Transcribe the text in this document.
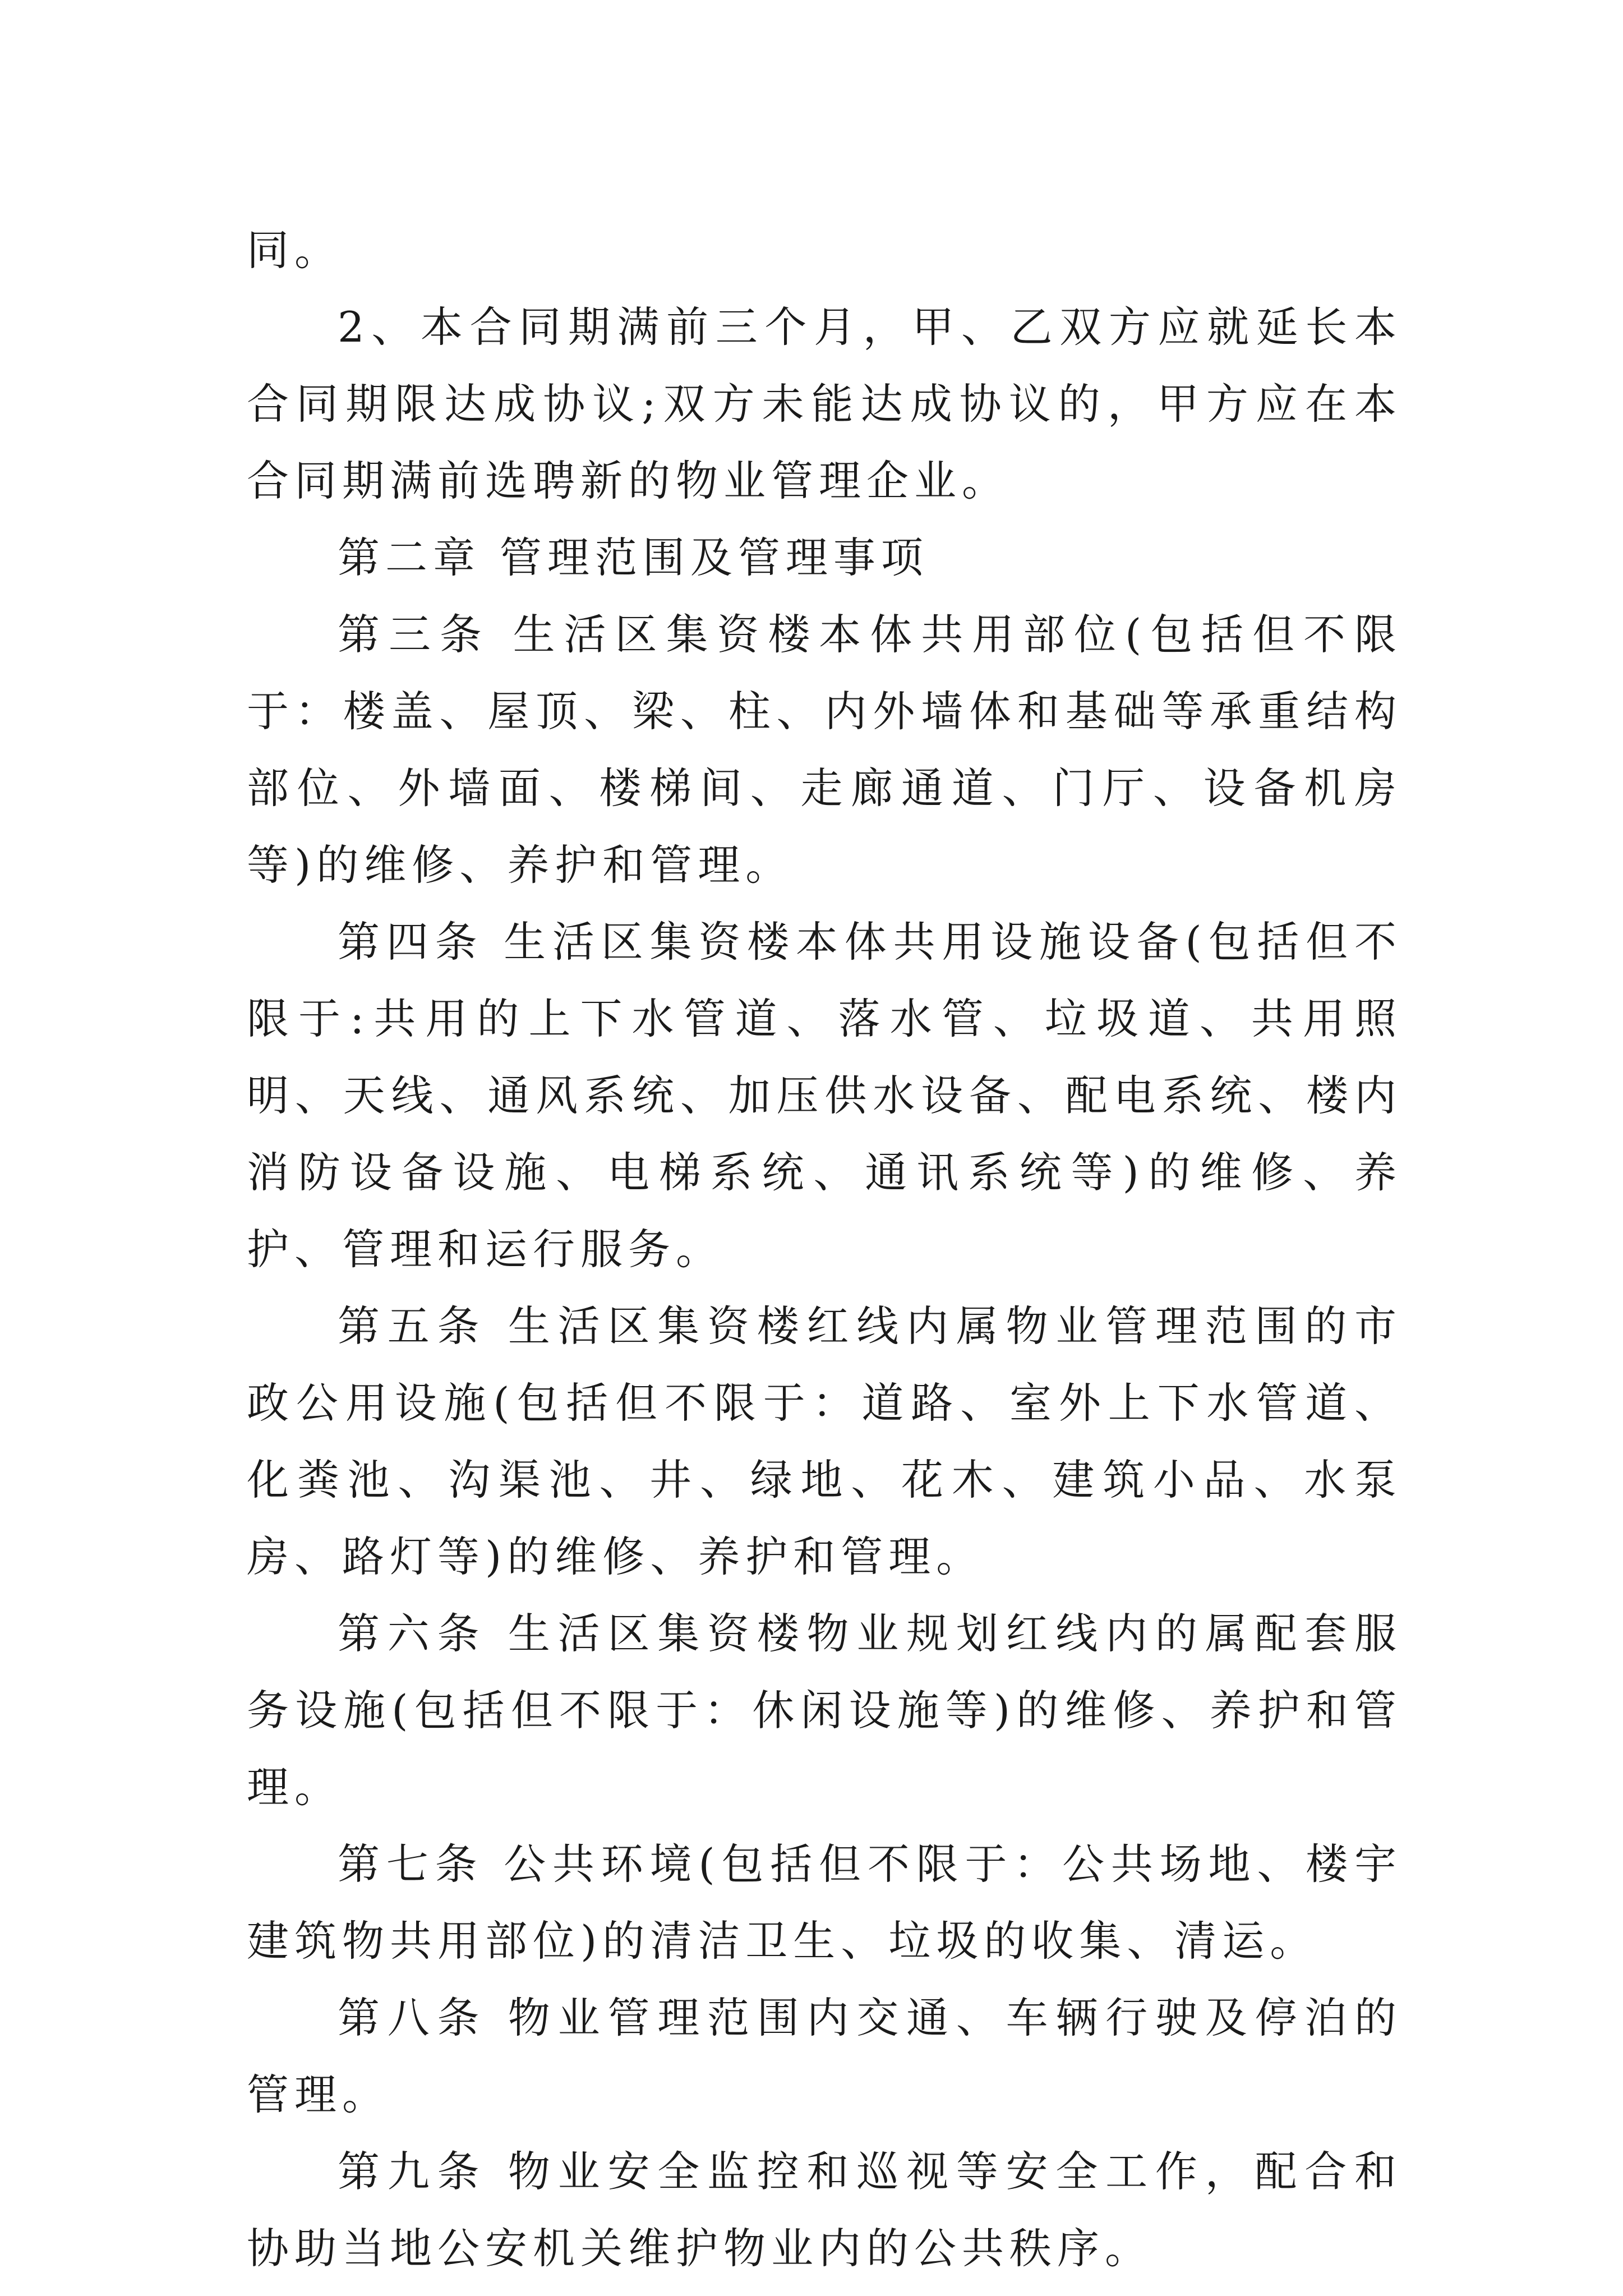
同。

2、本合同期满前三个月，甲、乙双方应就延长本合同期限达成协议;双方未能达成协议的，甲方应在本合同期满前选聘新的物业管理企业。

第二章 管理范围及管理事项

第三条 生活区集资楼本体共用部位(包括但不限于：楼盖、屋顶、梁、柱、内外墙体和基础等承重结构部位、外墙面、楼梯间、走廊通道、门厅、设备机房等)的维修、养护和管理。

第四条 生活区集资楼本体共用设施设备(包括但不限于:共用的上下水管道、落水管、垃圾道、共用照明、天线、通风系统、加压供水设备、配电系统、楼内消防设备设施、电梯系统、通讯系统等)的维修、养护、管理和运行服务。

第五条 生活区集资楼红线内属物业管理范围的市政公用设施(包括但不限于：道路、室外上下水管道、化粪池、沟渠池、井、绿地、花木、建筑小品、水泵房、路灯等)的维修、养护和管理。

第六条 生活区集资楼物业规划红线内的属配套服务设施(包括但不限于：休闲设施等)的维修、养护和管理。

第七条 公共环境(包括但不限于：公共场地、楼宇建筑物共用部位)的清洁卫生、垃圾的收集、清运。

第八条 物业管理范围内交通、车辆行驶及停泊的管理。

第九条 物业安全监控和巡视等安全工作，配合和协助当地公安机关维护物业内的公共秩序。
